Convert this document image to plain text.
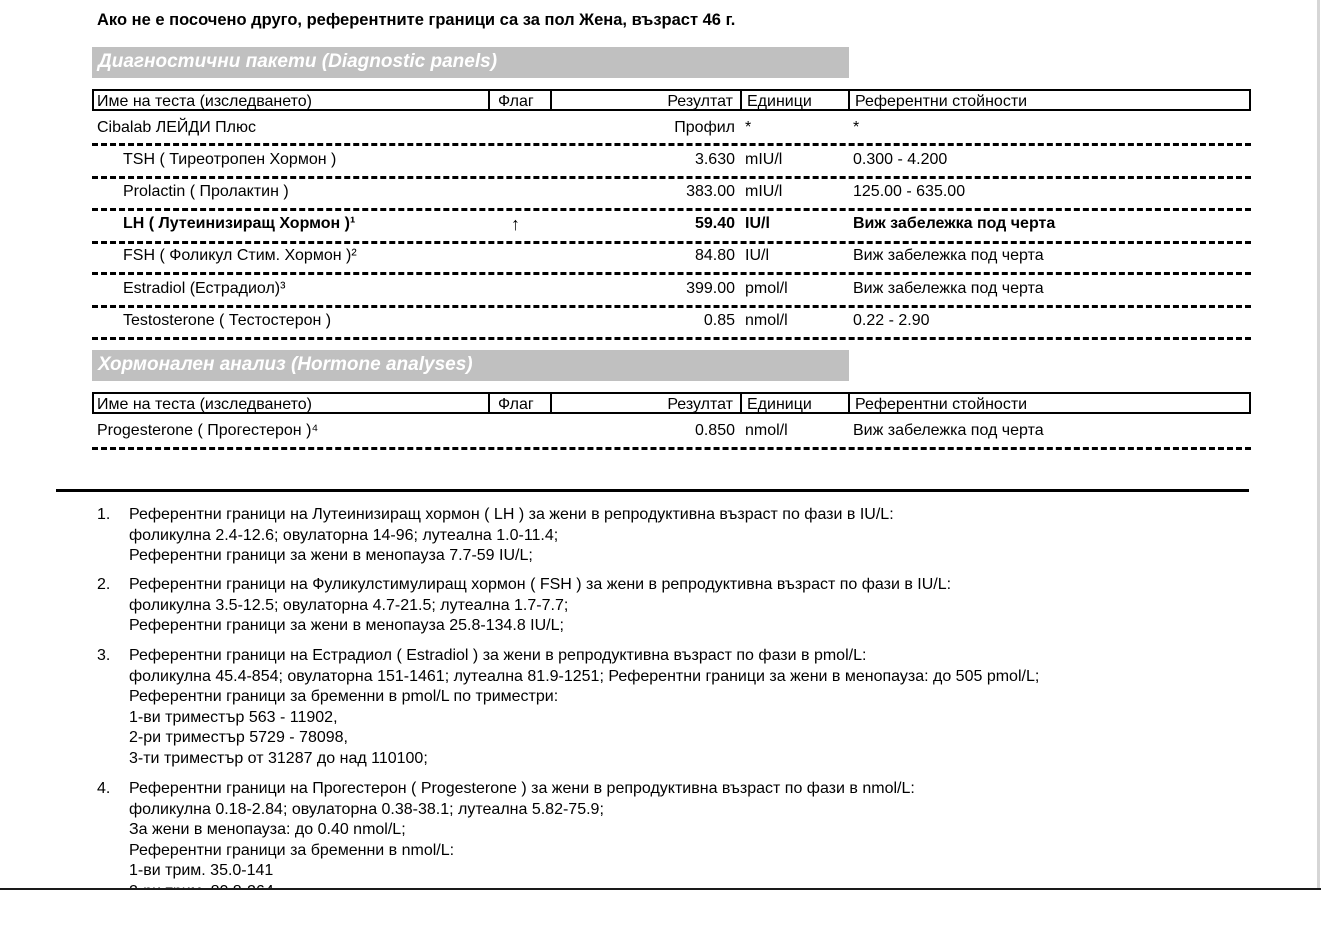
Ако не е посочено друго, референтните граници са за пол Жена, възраст 46 г.
Диагностични пакети (Diagnostic panels)
Име на теста (изследването)	Флаг	Резултат Единици	Референтни стойности
Cibalab ЛЕЙДИ Плюс	Профил *	*
TSH ( Тиреотропен Хормон )	3.630 mIU/l	0.300 - 4.200
Prolactin ( Пролактин )	383.00 mIU/l	125.00 - 635.00
LH ( Лутеинизиращ Хормон )¹	↑	59.40 IU/l	Виж забележка под черта
FSH ( Фоликул Стим. Хормон )²	84.80 IU/l	Виж забележка под черта
Estradiol (Естрадиол)³	399.00 pmol/l	Виж забележка под черта
Testosterone ( Тестостерон )	0.85 nmol/l	0.22 - 2.90
Хормонален анализ (Hormone analyses)
Име на теста (изследването)	Флаг	Резултат Единици	Референтни стойности
Progesterone ( Прогестерон )⁴	0.850 nmol/l	Виж забележка под черта
1. Референтни граници на Лутеинизиращ хормон ( LH ) за жени в репродуктивна възраст по фази в IU/L:
фоликулна 2.4-12.6; овулаторна 14-96; лутеална 1.0-11.4;
Референтни граници за жени в менопауза 7.7-59 IU/L;
2. Референтни граници на Фуликулстимулиращ хормон ( FSH ) за жени в репродуктивна възраст по фази в IU/L:
фоликулна 3.5-12.5; овулаторна 4.7-21.5; лутеална 1.7-7.7;
Референтни граници за жени в менопауза 25.8-134.8 IU/L;
3. Референтни граници на Естрадиол ( Estradiol ) за жени в репродуктивна възраст по фази в pmol/L:
фоликулна 45.4-854; овулаторна 151-1461; лутеална 81.9-1251; Референтни граници за жени в менопауза: до 505 pmol/L;
Референтни граници за бременни в pmol/L по триместри:
1-ви триместър 563 - 11902,
2-ри триместър 5729 - 78098,
3-ти триместър от 31287 до над 110100;
4. Референтни граници на Прогестерон ( Progesterone ) за жени в репродуктивна възраст по фази в nmol/L:
фоликулна 0.18-2.84; овулаторна 0.38-38.1; лутеална 5.82-75.9;
За жени в менопауза: до 0.40 nmol/L;
Референтни граници за бременни в nmol/L:
1-ви трим. 35.0-141
